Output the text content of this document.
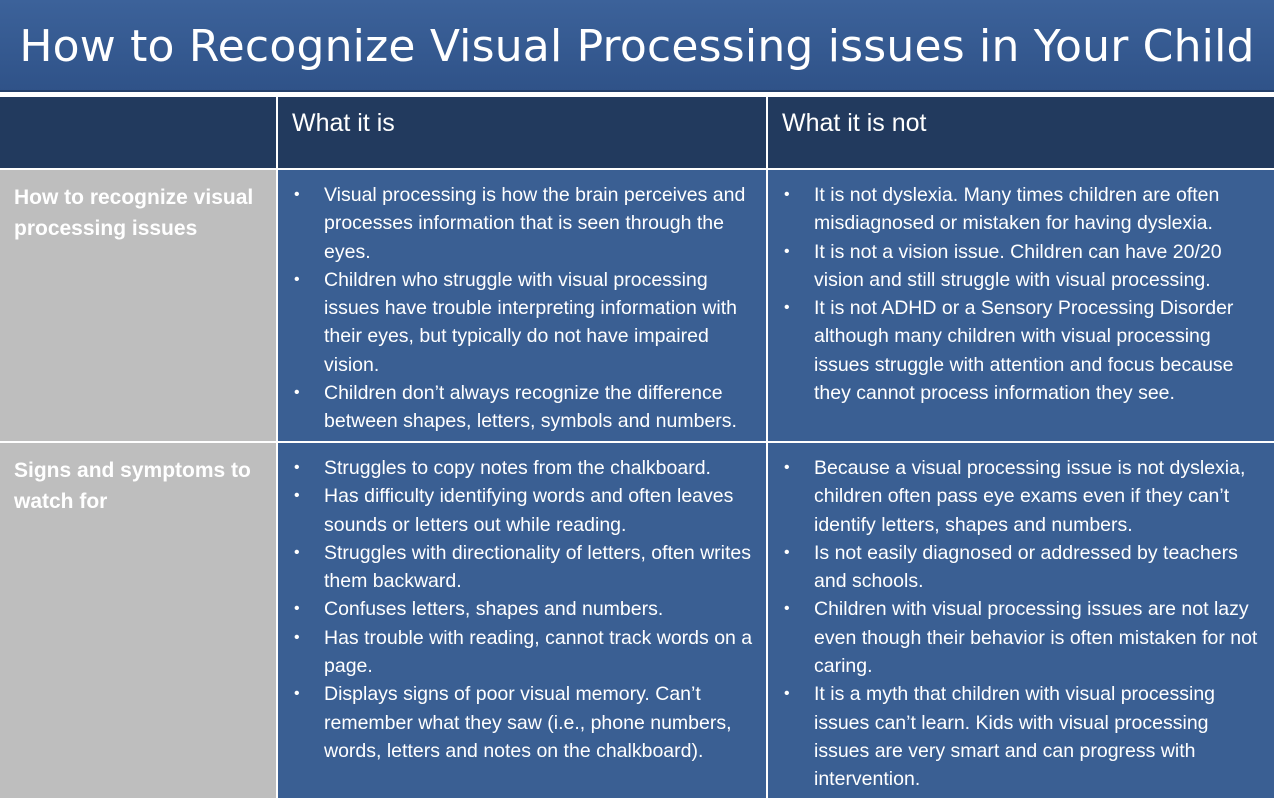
How to Recognize Visual Processing issues in Your Child
What it is	What it is not
How to recognize visual processing issues
• Visual processing is how the brain perceives and processes information that is seen through the eyes.
• Children who struggle with visual processing issues have trouble interpreting information with their eyes, but typically do not have impaired vision.
• Children don’t always recognize the difference between shapes, letters, symbols and numbers.
• It is not dyslexia. Many times children are often misdiagnosed or mistaken for having dyslexia.
• It is not a vision issue. Children can have 20/20 vision and still struggle with visual processing.
• It is not ADHD or a Sensory Processing Disorder although many children with visual processing issues struggle with attention and focus because they cannot process information they see.
Signs and symptoms to watch for
• Struggles to copy notes from the chalkboard.
• Has difficulty identifying words and often leaves sounds or letters out while reading.
• Struggles with directionality of letters, often writes them backward.
• Confuses letters, shapes and numbers.
• Has trouble with reading, cannot track words on a page.
• Displays signs of poor visual memory. Can’t remember what they saw (i.e., phone numbers, words, letters and notes on the chalkboard).
• Because a visual processing issue is not dyslexia, children often pass eye exams even if they can’t identify letters, shapes and numbers.
• Is not easily diagnosed or addressed by teachers and schools.
• Children with visual processing issues are not lazy even though their behavior is often mistaken for not caring.
• It is a myth that children with visual processing issues can’t learn. Kids with visual processing issues are very smart and can progress with intervention.
